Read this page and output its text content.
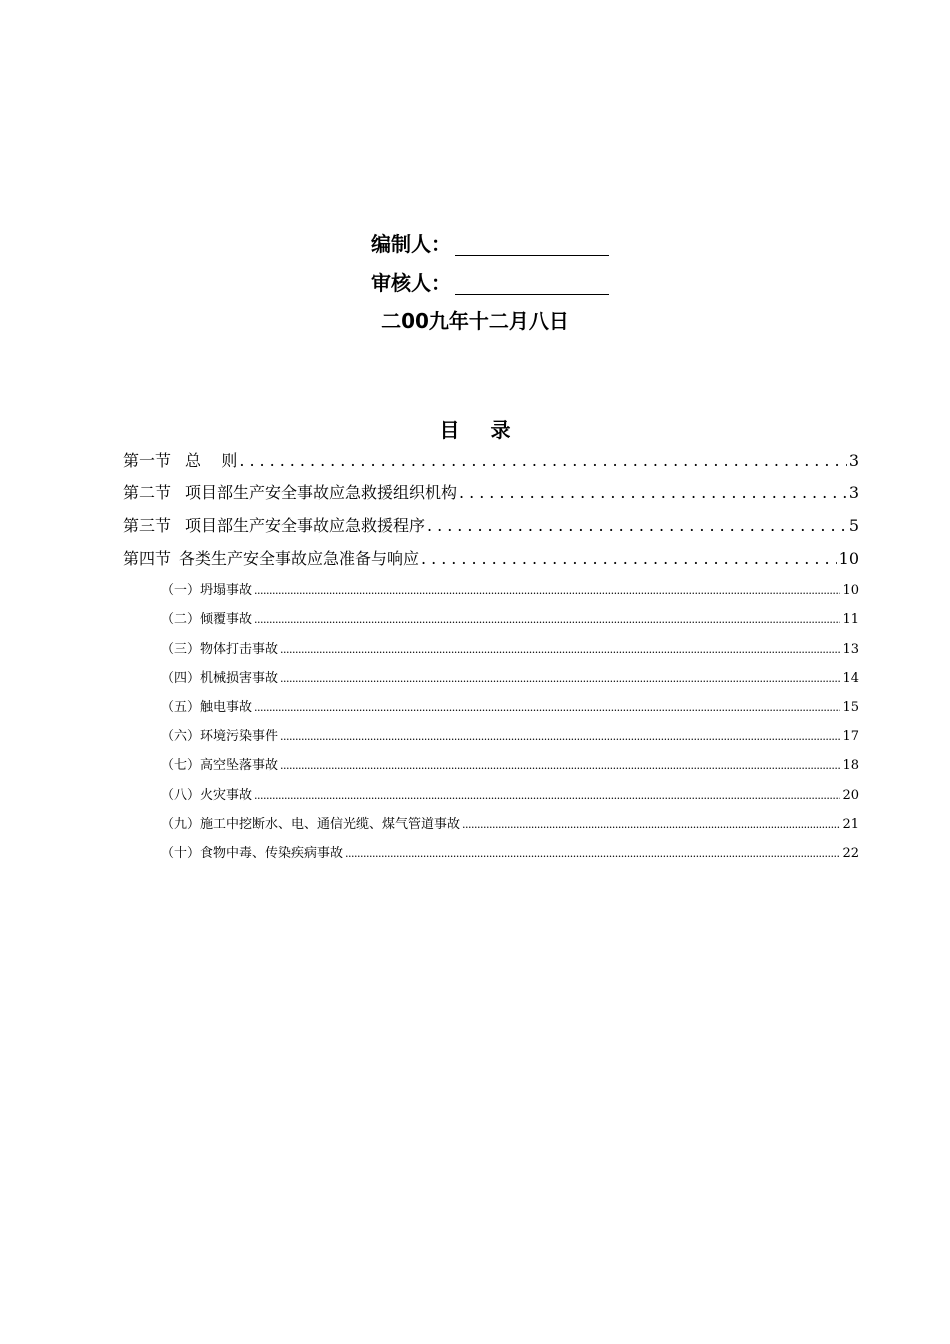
编制人：
审核人：
二00九年十二月八日
目 录
第一节 总    则 .....	3
第二节 项目部生产安全事故应急救援组织机构 .....	3
第三节 项目部生产安全事故应急救援程序 .....	5
第四节 各类生产安全事故应急准备与响应 .....	10
（一）坍塌事故 .....	10
（二）倾覆事故 .....	11
（三）物体打击事故 .....	13
（四）机械损害事故 .....	14
（五）触电事故 .....	15
（六）环境污染事件 .....	17
（七）高空坠落事故 .....	18
（八）火灾事故 .....	20
（九）施工中挖断水、电、通信光缆、煤气管道事故 .....	21
（十）食物中毒、传染疾病事故 .....	22
